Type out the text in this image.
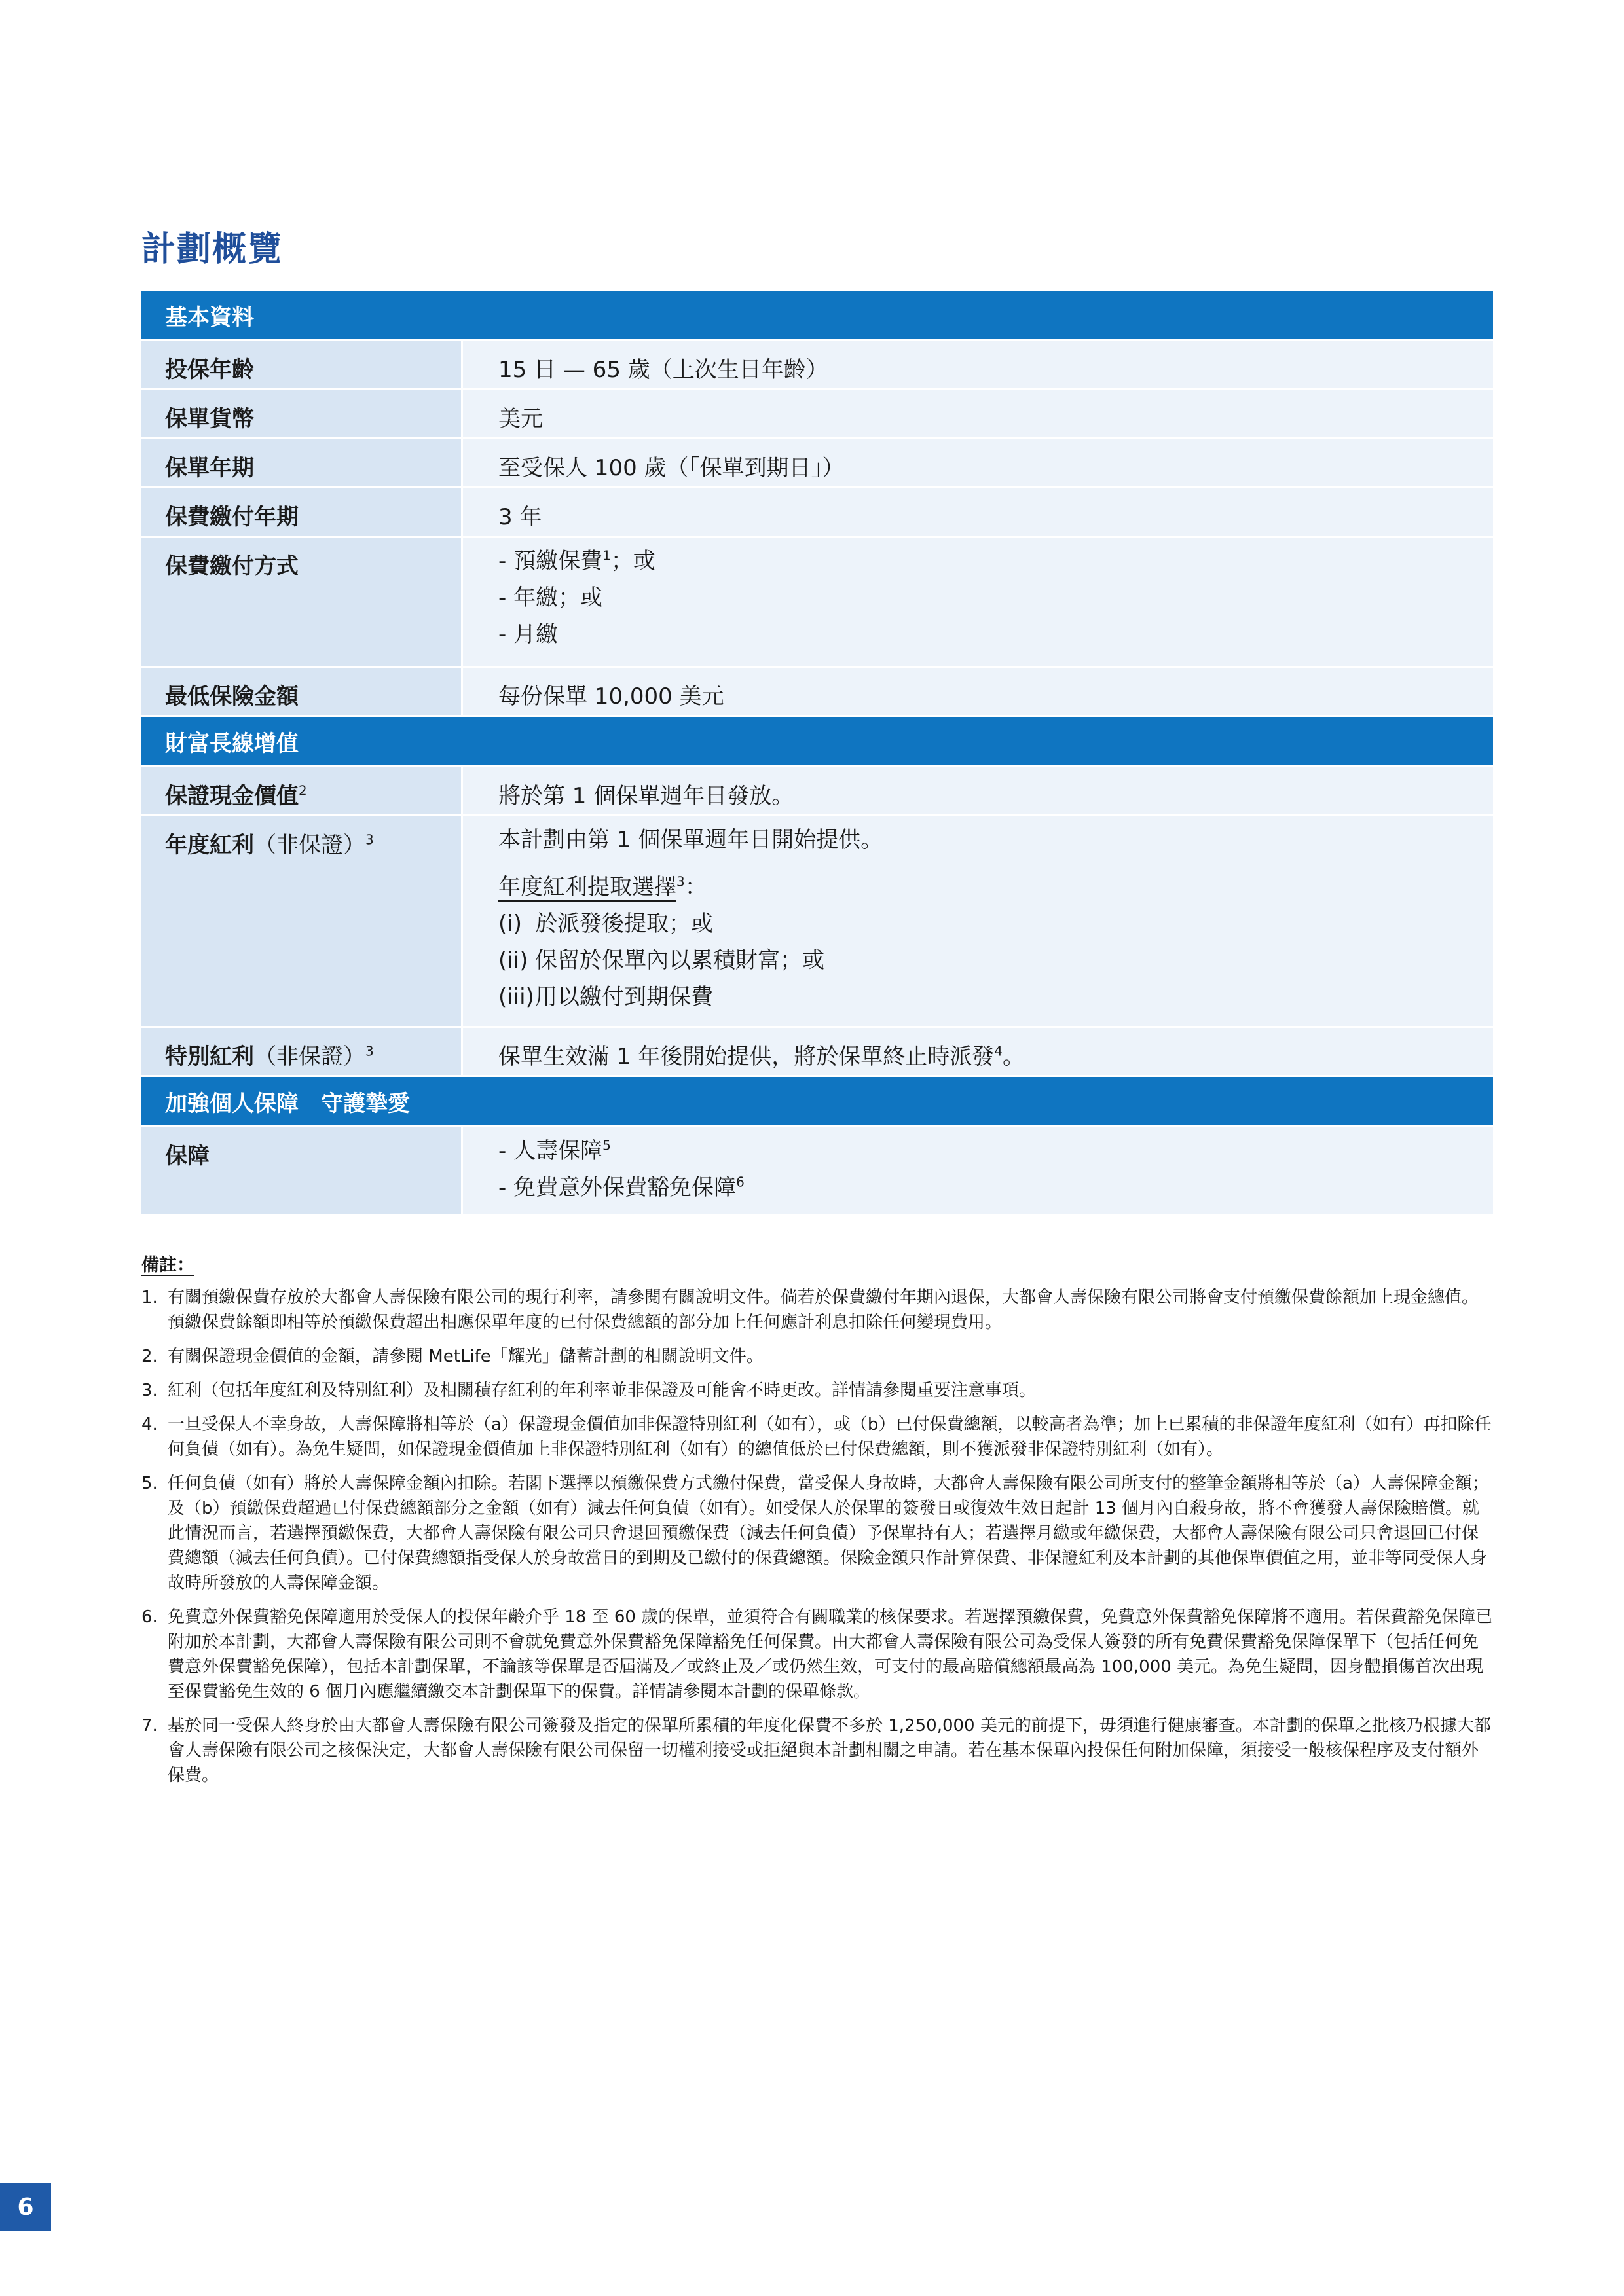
計劃概覽
基本資料
投保年齡	15 日 — 65 歲（上次生日年齡）
保單貨幣	美元
保單年期	至受保人 100 歲（「保單到期日」）
保費繳付年期	3 年
保費繳付方式	- 預繳保費$^1$；或
- 年繳；或
- 月繳
最低保險金額	每份保單 10,000 美元
財富長線增值
保證現金價值$^2$	將於第 1 個保單週年日發放。
年度紅利（非保證）$^3$	本計劃由第 1 個保單週年日開始提供。
年度紅利提取選擇$^3$：
(i) 於派發後提取；或
(ii) 保留於保單內以累積財富；或
(iii)用以繳付到期保費
特別紅利（非保證）$^3$	保單生效滿 1 年後開始提供，將於保單終止時派發$^4$。
加強個人保障　守護摯愛
保障	- 人壽保障$^5$
- 免費意外保費豁免保障$^6$
備註：
1. 有關預繳保費存放於大都會人壽保險有限公司的現行利率，請參閱有關說明文件。倘若於保費繳付年期內退保，大都會人壽保險有限公司將會支付預繳保費餘額加上現金總值。預繳保費餘額即相等於預繳保費超出相應保單年度的已付保費總額的部分加上任何應計利息扣除任何變現費用。
2. 有關保證現金價值的金額，請參閱 MetLife「耀光」儲蓄計劃的相關說明文件。
3. 紅利（包括年度紅利及特別紅利）及相關積存紅利的年利率並非保證及可能會不時更改。詳情請參閱重要注意事項。
4. 一旦受保人不幸身故，人壽保障將相等於（a）保證現金價值加非保證特別紅利（如有），或（b）已付保費總額，以較高者為準；加上已累積的非保證年度紅利（如有）再扣除任何負債（如有）。為免生疑問，如保證現金價值加上非保證特別紅利（如有）的總值低於已付保費總額，則不獲派發非保證特別紅利（如有）。
5. 任何負債（如有）將於人壽保障金額內扣除。若閣下選擇以預繳保費方式繳付保費，當受保人身故時，大都會人壽保險有限公司所支付的整筆金額將相等於（a）人壽保障金額；及（b）預繳保費超過已付保費總額部分之金額（如有）減去任何負債（如有）。如受保人於保單的簽發日或復效生效日起計 13 個月內自殺身故，將不會獲發人壽保險賠償。就此情況而言，若選擇預繳保費，大都會人壽保險有限公司只會退回預繳保費（減去任何負債）予保單持有人；若選擇月繳或年繳保費，大都會人壽保險有限公司只會退回已付保費總額（減去任何負債）。已付保費總額指受保人於身故當日的到期及已繳付的保費總額。保險金額只作計算保費、非保證紅利及本計劃的其他保單價值之用，並非等同受保人身故時所發放的人壽保障金額。
6. 免費意外保費豁免保障適用於受保人的投保年齡介乎 18 至 60 歲的保單，並須符合有關職業的核保要求。若選擇預繳保費，免費意外保費豁免保障將不適用。若保費豁免保障已附加於本計劃，大都會人壽保險有限公司則不會就免費意外保費豁免保障豁免任何保費。由大都會人壽保險有限公司為受保人簽發的所有免費保費豁免保障保單下（包括任何免費意外保費豁免保障），包括本計劃保單，不論該等保單是否屆滿及／或終止及／或仍然生效，可支付的最高賠償總額最高為 100,000 美元。為免生疑問，因身體損傷首次出現至保費豁免生效的 6 個月內應繼續繳交本計劃保單下的保費。詳情請參閱本計劃的保單條款。
7. 基於同一受保人終身於由大都會人壽保險有限公司簽發及指定的保單所累積的年度化保費不多於 1,250,000 美元的前提下，毋須進行健康審查。本計劃的保單之批核乃根據大都會人壽保險有限公司之核保決定，大都會人壽保險有限公司保留一切權利接受或拒絕與本計劃相關之申請。若在基本保單內投保任何附加保障，須接受一般核保程序及支付額外保費。
6
